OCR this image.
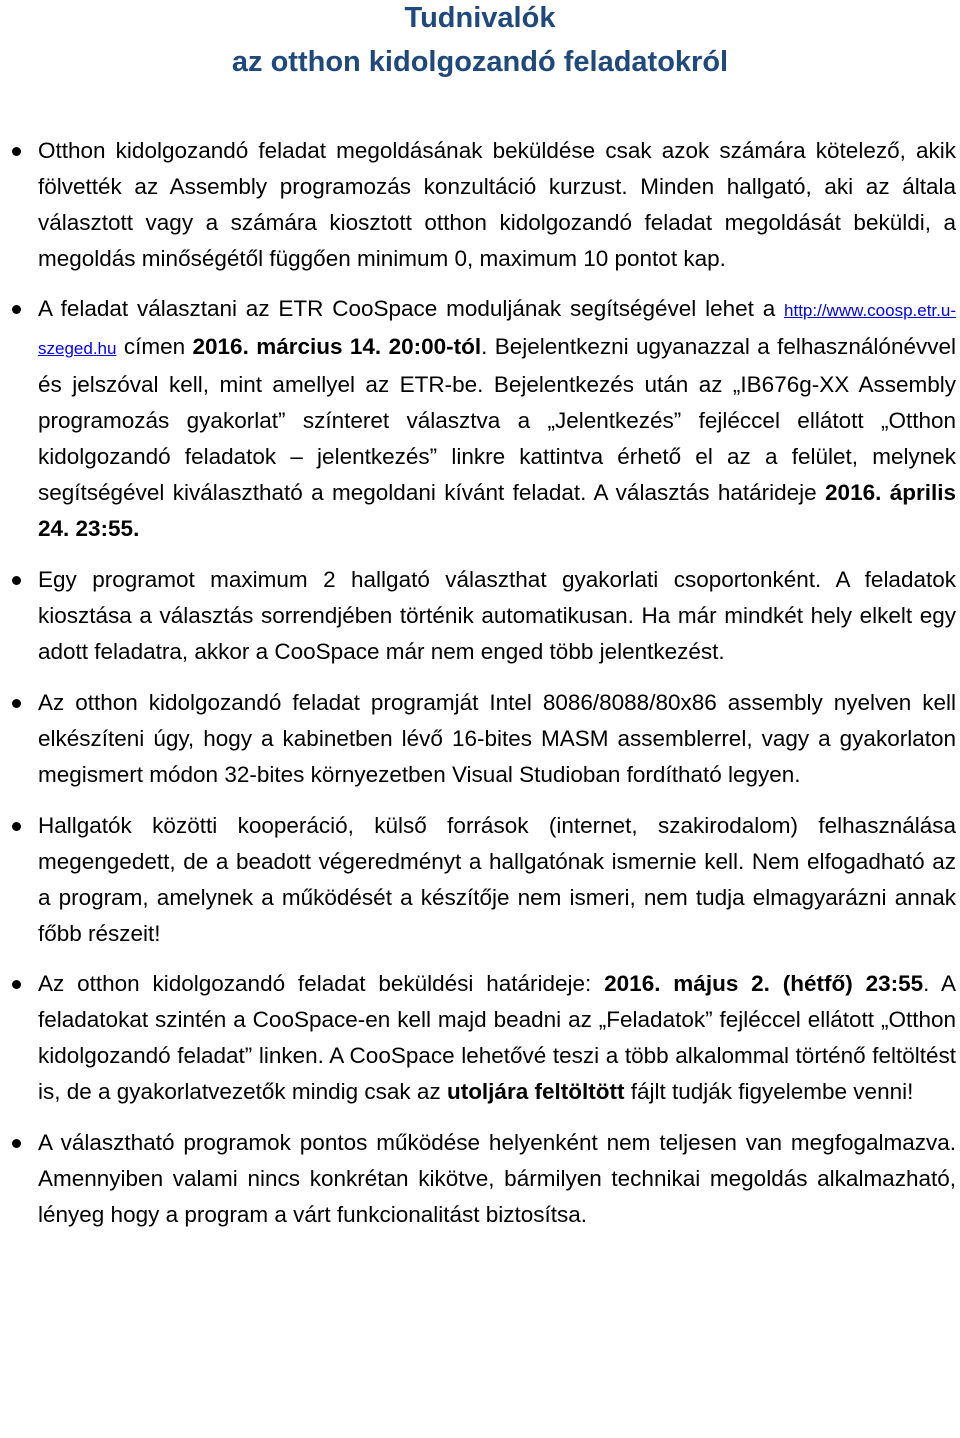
Tudnivalók
az otthon kidolgozandó feladatokról
Otthon kidolgozandó feladat megoldásának beküldése csak azok számára kötelező, akik fölvették az Assembly programozás konzultáció kurzust. Minden hallgató, aki az általa választott vagy a számára kiosztott otthon kidolgozandó feladat megoldását beküldi, a megoldás minőségétől függően minimum 0, maximum 10 pontot kap.
A feladat választani az ETR CooSpace moduljának segítségével lehet a http://www.coosp.etr.u-szeged.hu címen 2016. március 14. 20:00-tól. Bejelentkezni ugyanazzal a felhasználónévvel és jelszóval kell, mint amellyel az ETR-be. Bejelentkezés után az „IB676g-XX Assembly programozás gyakorlat” színteret választva a „Jelentkezés” fejléccel ellátott „Otthon kidolgozandó feladatok – jelentkezés” linkre kattintva érhető el az a felület, melynek segítségével kiválasztható a megoldani kívánt feladat. A választás határideje 2016. április 24. 23:55.
Egy programot maximum 2 hallgató választhat gyakorlati csoportonként. A feladatok kiosztása a választás sorrendjében történik automatikusan. Ha már mindkét hely elkelt egy adott feladatra, akkor a CooSpace már nem enged több jelentkezést.
Az otthon kidolgozandó feladat programját Intel 8086/8088/80x86 assembly nyelven kell elkészíteni úgy, hogy a kabinetben lévő 16-bites MASM assemblerrel, vagy a gyakorlaton megismert módon 32-bites környezetben Visual Studioban fordítható legyen.
Hallgatók közötti kooperáció, külső források (internet, szakirodalom) felhasználása megengedett, de a beadott végeredményt a hallgatónak ismernie kell. Nem elfogadható az a program, amelynek a működését a készítője nem ismeri, nem tudja elmagyarázni annak főbb részeit!
Az otthon kidolgozandó feladat beküldési határideje: 2016. május 2. (hétfő) 23:55. A feladatokat szintén a CooSpace-en kell majd beadni az „Feladatok” fejléccel ellátott „Otthon kidolgozandó feladat” linken. A CooSpace lehetővé teszi a több alkalommal történő feltöltést is, de a gyakorlatvezetők mindig csak az utoljára feltöltött fájlt tudják figyelembe venni!
A választható programok pontos működése helyenként nem teljesen van megfogalmazva. Amennyiben valami nincs konkrétan kikötve, bármilyen technikai megoldás alkalmazható, lényeg hogy a program a várt funkcionalitást biztosítsa.
